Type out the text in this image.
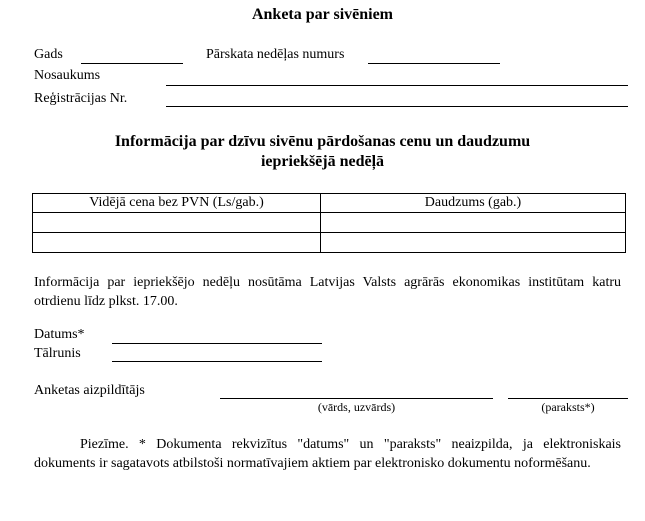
Anketa par sivēniem
Gads	Pārskata nedēļas numurs
Nosaukums
Reģistrācijas Nr.
Informācija par dzīvu sivēnu pārdošanas cenu un daudzumu
iepriekšējā nedēļā
Vidējā cena bez PVN (Ls/gab.)	Daudzums (gab.)

Informācija par iepriekšējo nedēļu nosūtāma Latvijas Valsts agrārās ekonomikas institūtam katru otrdienu līdz plkst. 17.00.
Datums*
Tālrunis
Anketas aizpildītājs
(vārds, uzvārds)	(paraksts*)
Piezīme. * Dokumenta rekvizītus "datums" un "paraksts" neaizpilda, ja elektroniskais dokuments ir sagatavots atbilstoši normatīvajiem aktiem par elektronisko dokumentu noformēšanu.
